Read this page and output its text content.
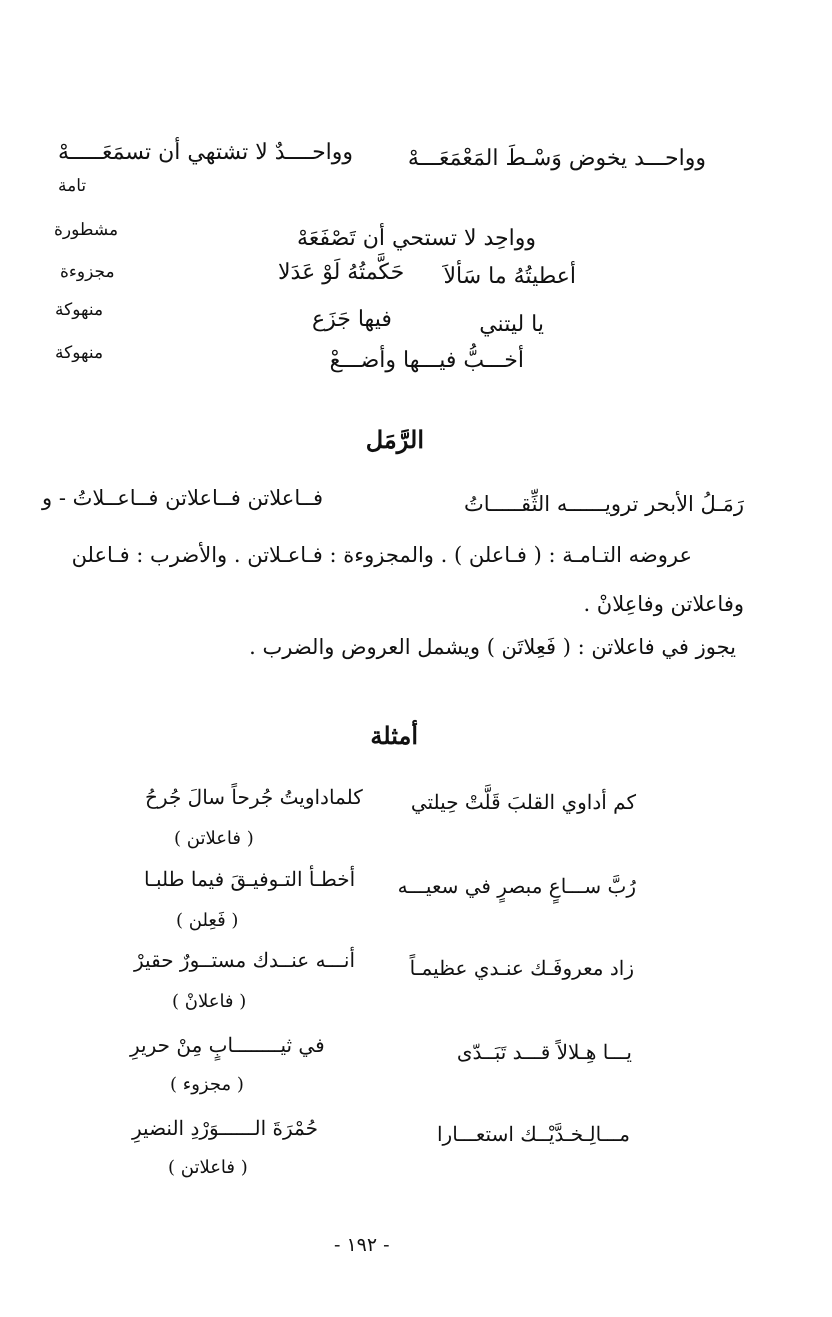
وواحـــد يخوض وَسْـطَ المَعْمَعَـــهْ
وواحــــدٌ لا تشتهي أن تسمَعَـــــهْ
تامة
وواحِد لا تستحي أن تَصْفَعَهْ
مشطورة
أعطيتُهُ ما سَألاَ
حَكَّمتُهُ لَوْ عَدَلا
مجزوءة
يا ليتني
فيها جَزَع
منهوكة
أخـــبُّ فيـــها وأضـــعْ
منهوكة
الرَّمَل
رَمَـلُ الأبحر ترويــــــه الثِّقـــــاتُ
فــاعلاتن فــاعلاتن فــاعــلاتُ - و
عروضه التـامـة : ( فـاعلن ) . والمجزوءة : فـاعـلاتن . والأضرب : فـاعلن
وفاعلاتن وفاعِلانْ .
يجوز في فاعلاتن : ( فَعِلاتَن ) ويشمل العروض والضرب .
أمثلة
كم أداوي القلبَ قَلَّتْ حِيلتي
كلماداويتُ جُرحاً سالَ جُرحُ
( فاعلاتن )
رُبَّ ســـاعٍ مبصرٍ في سعيـــه
أخطـأ التـوفيـقَ فيما طلبـا
( فَعِلن )
زاد معروفَـك عنـدي عظيمـاً
أنـــه عنــدك مستــورٌ حقيرْ
( فاعلانْ )
يـــا هِـلالاً قـــد تَبَــدّى
في ثيــــــــابٍ مِنْ حريرِ
( مجزوء )
مـــالِـخـدَّيْــك استعـــارا
حُمْرَةَ الــــــوَرْدِ النضيرِ
( فاعلاتن )
- ١٩٢ -
